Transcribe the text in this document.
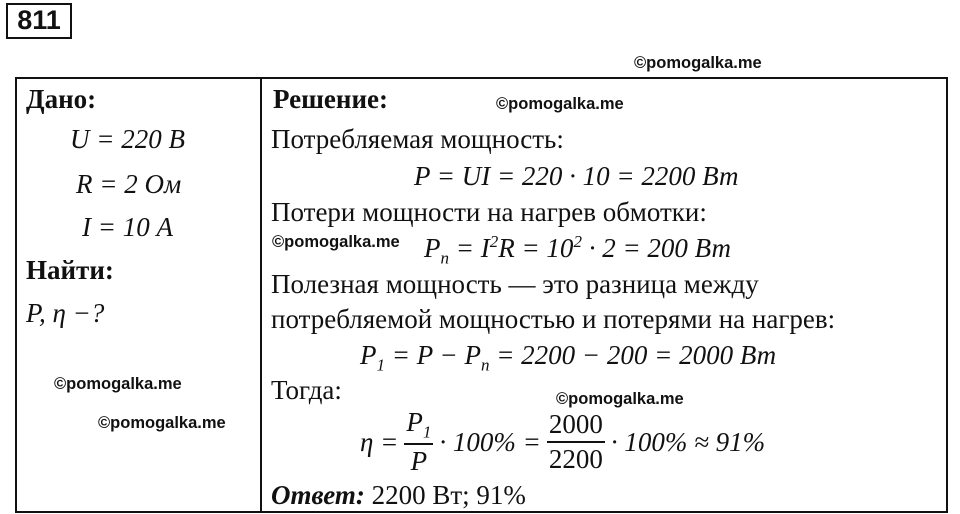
811
©pomogalka.me
Дано:
U = 220 В
R = 2 Ом
I = 10 А
Найти:
P, η −?
©pomogalka.me
©pomogalka.me
Решение:	©pomogalka.me
Потребляемая мощность:
P = UI = 220 · 10 = 2200 Вт
Потери мощности на нагрев обмотки:
©pomogalka.me $P_п = I^2R = 10^2 \cdot 2 = 200$ Вт
Полезная мощность — это разница между
потребляемой мощностью и потерями на нагрев:
$P_1 = P - P_п = 2200 - 200 = 2000$ Вт
Тогда:	©pomogalka.me
$\eta = \frac{P_1}{P} \cdot 100\% = \frac{2000}{2200} \cdot 100\% \approx 91\%$
Ответ: 2200 Вт; 91%
